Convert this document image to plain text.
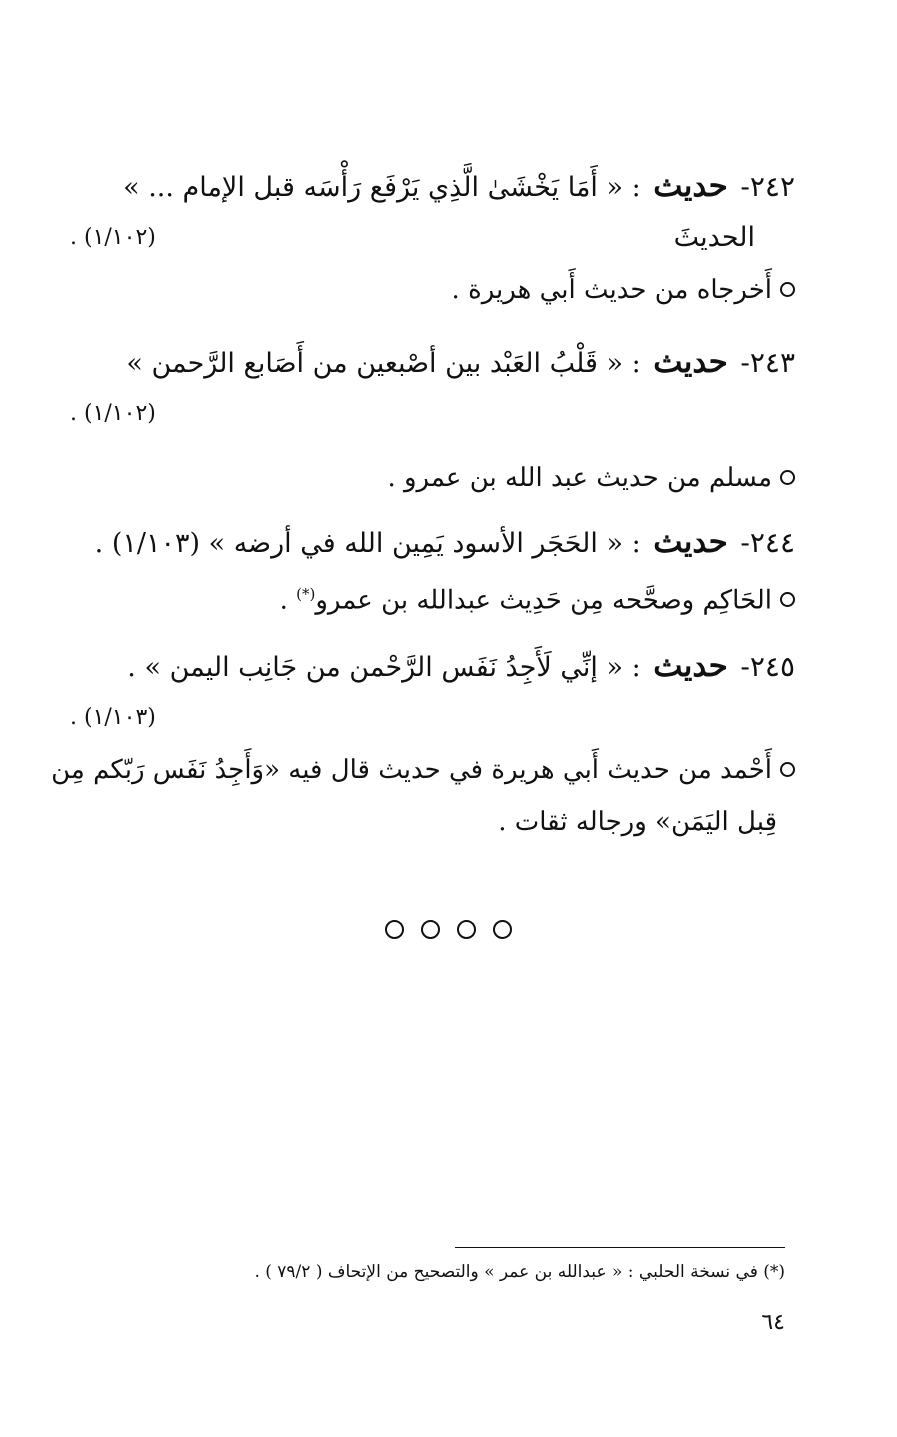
٢٤٢- حديث : « أَمَا يَخْشَىٰ الَّذِي يَرْفَع رَأْسَه قبل الإمام ... »
الحديثَ
(١/١٠٢) .
أَخرجاه من حديث أَبي هريرة .
٢٤٣- حديث : « قَلْبُ العَبْد بين أصْبعين من أَصَابع الرَّحمن »
(١/١٠٢) .
مسلم من حديث عبد الله بن عمرو .
٢٤٤- حديث : « الحَجَر الأسود يَمِين الله في أرضه » (١/١٠٣) .
الحَاكِم وصحَّحه مِن حَدِيث عبدالله بن عمرو(*) .
٢٤٥- حديث : « إنِّي لَأَجِدُ نَفَس الرَّحْمن من جَانِب اليمن » .
(١/١٠٣) .
أَحْمد من حديث أَبي هريرة في حديث قال فيه «وَأَجِدُ نَفَس رَبّكم مِن
قِبل اليَمَن» ورجاله ثقات .

(*) في نسخة الحلبي : « عبدالله بن عمر » والتصحيح من الإتحاف ( ٧٩/٢ ) .
٦٤
